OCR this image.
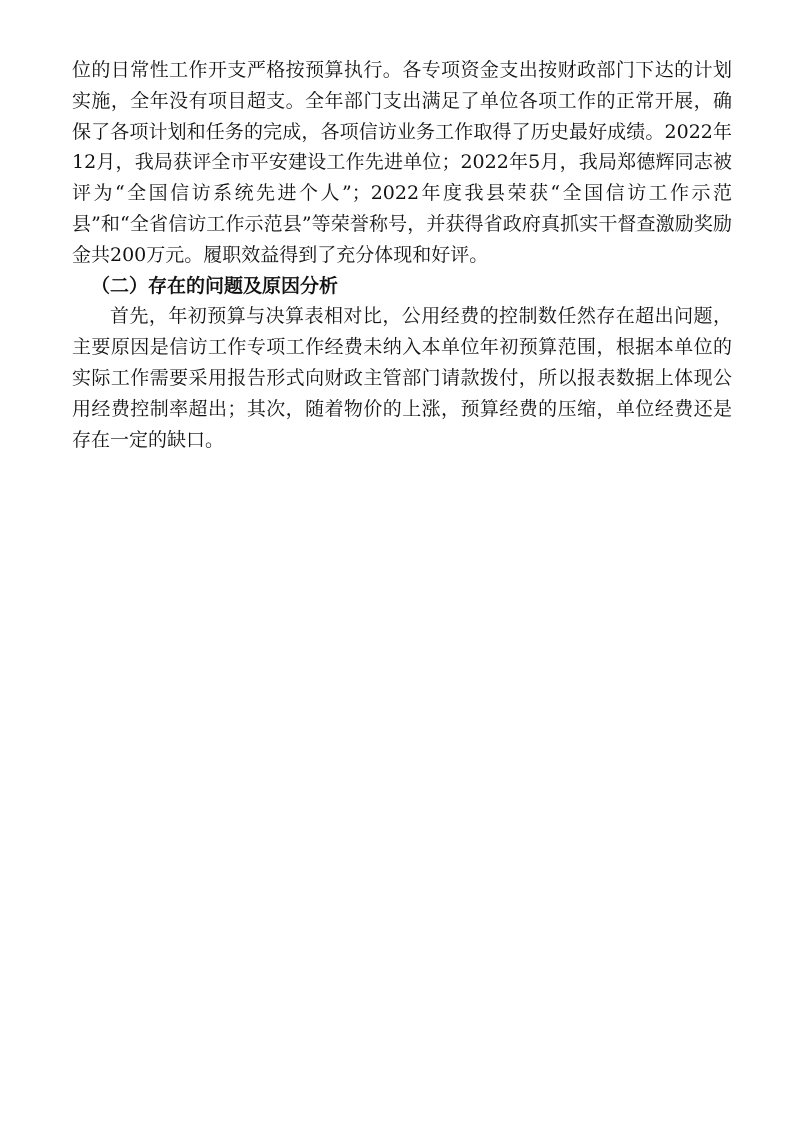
位的日常性工作开支严格按预算执行。各专项资金支出按财政部门下达的计划实施，全年没有项目超支。全年部门支出满足了单位各项工作的正常开展，确保了各项计划和任务的完成，各项信访业务工作取得了历史最好成绩。2022年12月，我局获评全市平安建设工作先进单位；2022年5月，我局郑德辉同志被评为“全国信访系统先进个人”；2022年度我县荣获“全国信访工作示范县”和“全省信访工作示范县”等荣誉称号，并获得省政府真抓实干督查激励奖励金共200万元。履职效益得到了充分体现和好评。

（二）存在的问题及原因分析

首先，年初预算与决算表相对比，公用经费的控制数任然存在超出问题，主要原因是信访工作专项工作经费未纳入本单位年初预算范围，根据本单位的实际工作需要采用报告形式向财政主管部门请款拨付，所以报表数据上体现公用经费控制率超出；其次，随着物价的上涨，预算经费的压缩，单位经费还是存在一定的缺口。
